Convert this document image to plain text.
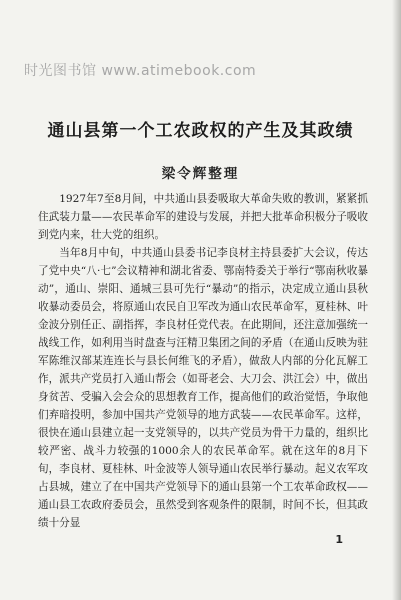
时光图书馆 www.atimebook.com
通山县第一个工农政权的产生及其政绩
梁令辉整理

1927年7至8月间，中共通山县委吸取大革命失败的教训，紧紧抓住武装力量——农民革命军的建设与发展，并把大批革命积极分子吸收到党内来，壮大党的组织。

当年8月中旬，中共通山县委书记李良材主持县委扩大会议，传达了党中央“八·七”会议精神和湖北省委、鄂南特委关于举行“鄂南秋收暴动”，通山、崇阳、通城三县可先行“暴动”的指示，决定成立通山县秋收暴动委员会，将原通山农民自卫军改为通山农民革命军，夏桂林、叶金波分别任正、副指挥，李良材任党代表。在此期间，还注意加强统一战线工作，如利用当时盘查与汪精卫集团之间的矛盾（在通山反映为驻军陈维汉部某连连长与县长何维飞的矛盾），做敌人内部的分化瓦解工作，派共产党员打入通山帮会（如哥老会、大刀会、洪江会）中，做出身贫苦、受骗入会会众的思想教育工作，提高他们的政治觉悟，争取他们弃暗投明，参加中国共产党领导的地方武装——农民革命军。这样，很快在通山县建立起一支党领导的，以共产党员为骨干力量的，组织比较严密、战斗力较强的1000余人的农民革命军。就在这年的8月下旬，李良材、夏桂林、叶金波等人领导通山农民举行暴动。起义农军攻占县城，建立了在中国共产党领导下的通山县第一个工农革命政权——通山县工农政府委员会，虽然受到客观条件的限制，时间不长，但其政绩十分显

1
